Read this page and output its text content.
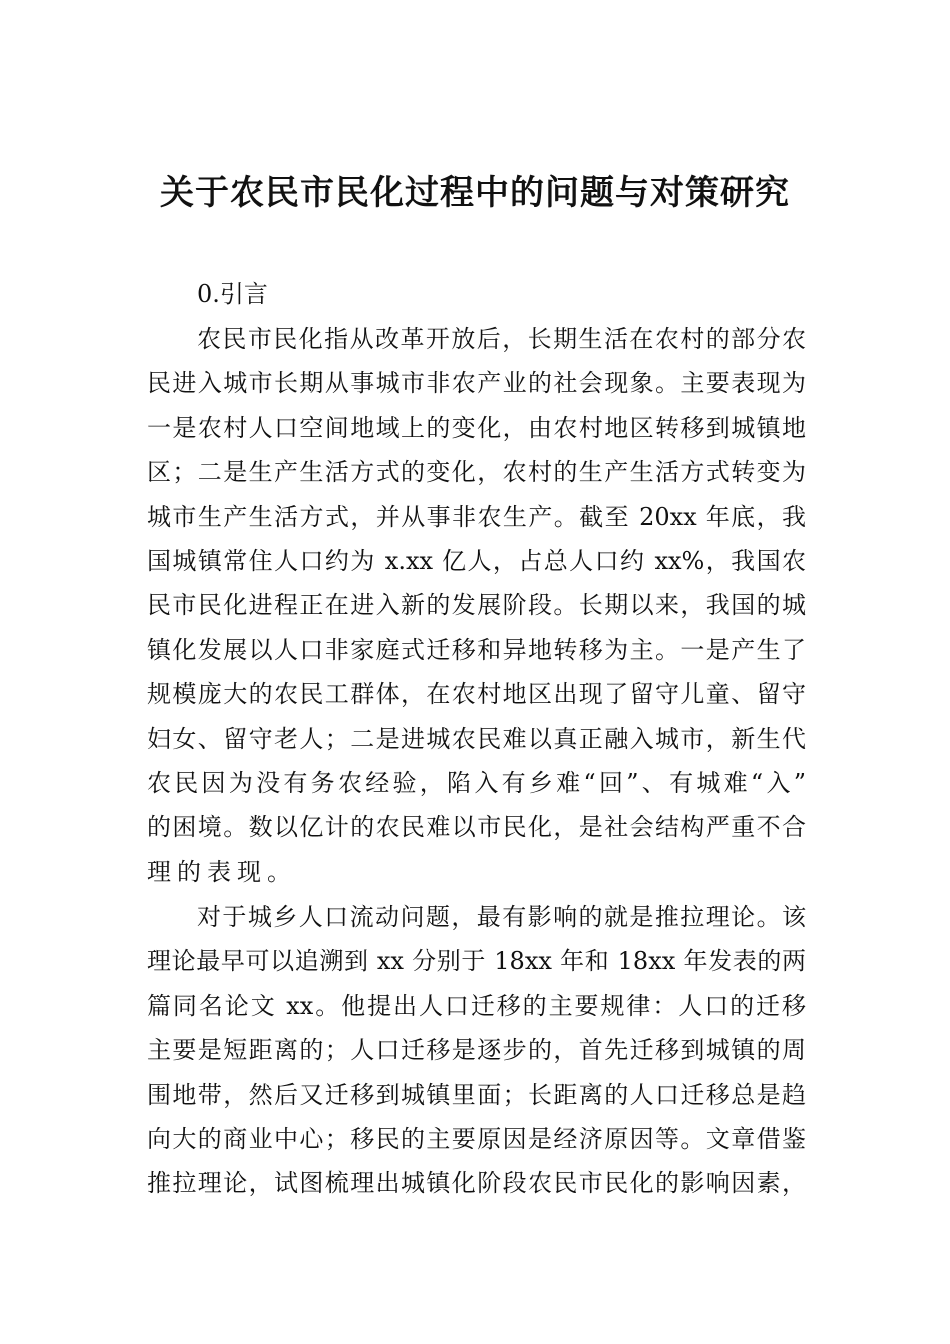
关于农民市民化过程中的问题与对策研究
0.引言
农民市民化指从改革开放后，长期生活在农村的部分农
民进入城市长期从事城市非农产业的社会现象。主要表现为
一是农村人口空间地域上的变化，由农村地区转移到城镇地
区；二是生产生活方式的变化，农村的生产生活方式转变为
城市生产生活方式，并从事非农生产。截至 20xx 年底，我
国城镇常住人口约为 x.xx 亿人，占总人口约 xx%，我国农
民市民化进程正在进入新的发展阶段。长期以来，我国的城
镇化发展以人口非家庭式迁移和异地转移为主。一是产生了
规模庞大的农民工群体，在农村地区出现了留守儿童、留守
妇女、留守老人；二是进城农民难以真正融入城市，新生代
农民因为没有务农经验，陷入有乡难“回”、有城难“入”
的困境。数以亿计的农民难以市民化，是社会结构严重不合
理的表现。
对于城乡人口流动问题，最有影响的就是推拉理论。该
理论最早可以追溯到 xx 分别于 18xx 年和 18xx 年发表的两
篇同名论文 xx。他提出人口迁移的主要规律：人口的迁移
主要是短距离的；人口迁移是逐步的，首先迁移到城镇的周
围地带，然后又迁移到城镇里面；长距离的人口迁移总是趋
向大的商业中心；移民的主要原因是经济原因等。文章借鉴
推拉理论，试图梳理出城镇化阶段农民市民化的影响因素，
